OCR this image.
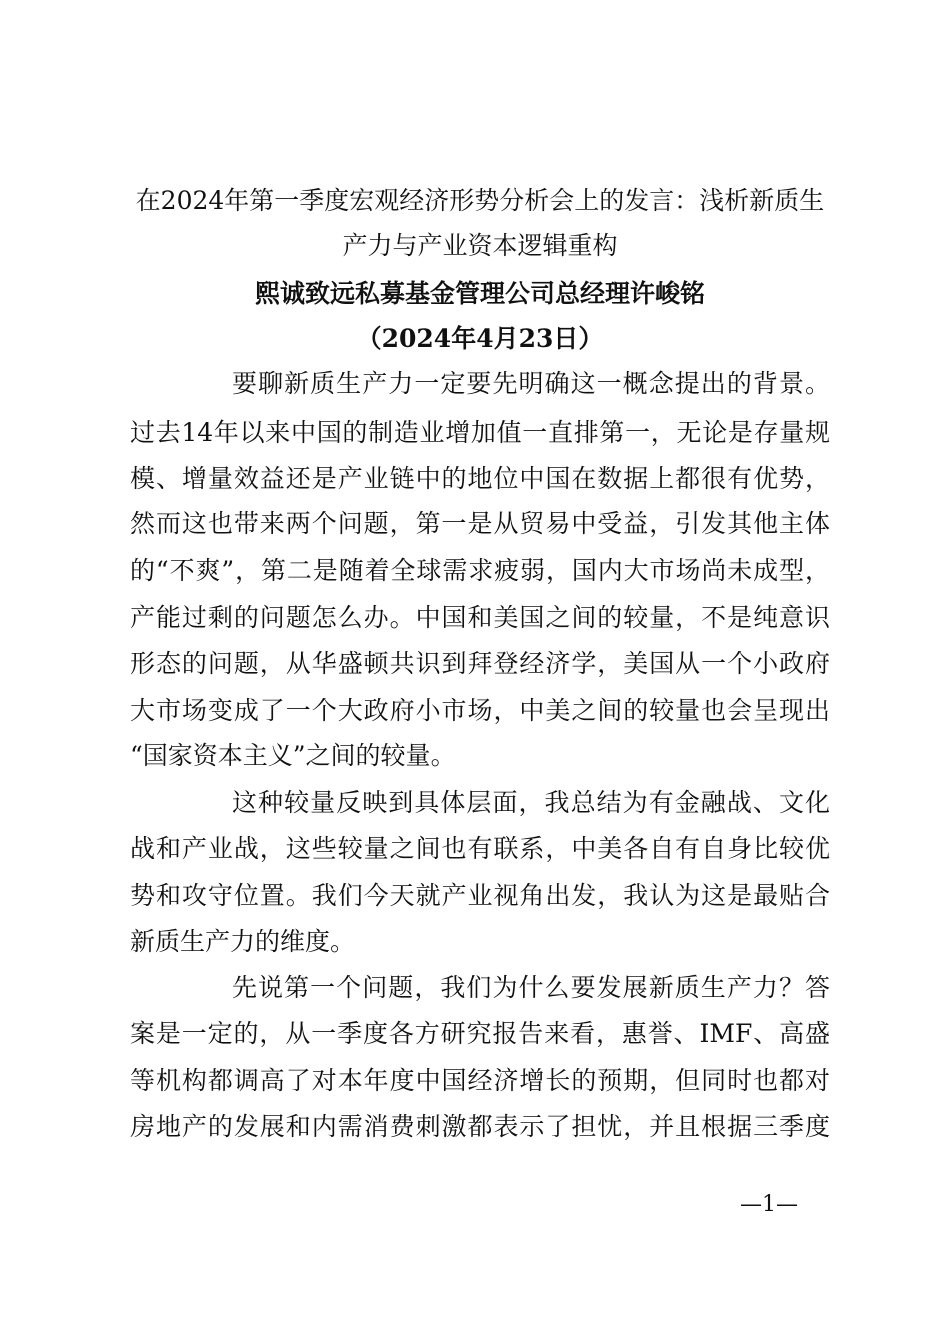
在2024年第一季度宏观经济形势分析会上的发言：浅析新质生
产力与产业资本逻辑重构
熙诚致远私募基金管理公司总经理许峻铭
（2024年4月23日）
要聊新质生产力一定要先明确这一概念提出的背景。
过去14年以来中国的制造业增加值一直排第一，无论是存量规
模、增量效益还是产业链中的地位中国在数据上都很有优势，
然而这也带来两个问题，第一是从贸易中受益，引发其他主体
的“不爽”，第二是随着全球需求疲弱，国内大市场尚未成型，
产能过剩的问题怎么办。中国和美国之间的较量，不是纯意识
形态的问题，从华盛顿共识到拜登经济学，美国从一个小政府
大市场变成了一个大政府小市场，中美之间的较量也会呈现出
“国家资本主义”之间的较量。
这种较量反映到具体层面，我总结为有金融战、文化
战和产业战，这些较量之间也有联系，中美各自有自身比较优
势和攻守位置。我们今天就产业视角出发，我认为这是最贴合
新质生产力的维度。
先说第一个问题，我们为什么要发展新质生产力？答
案是一定的，从一季度各方研究报告来看，惠誉、IMF、高盛
等机构都调高了对本年度中国经济增长的预期，但同时也都对
房地产的发展和内需消费刺激都表示了担忧，并且根据三季度
—1—
